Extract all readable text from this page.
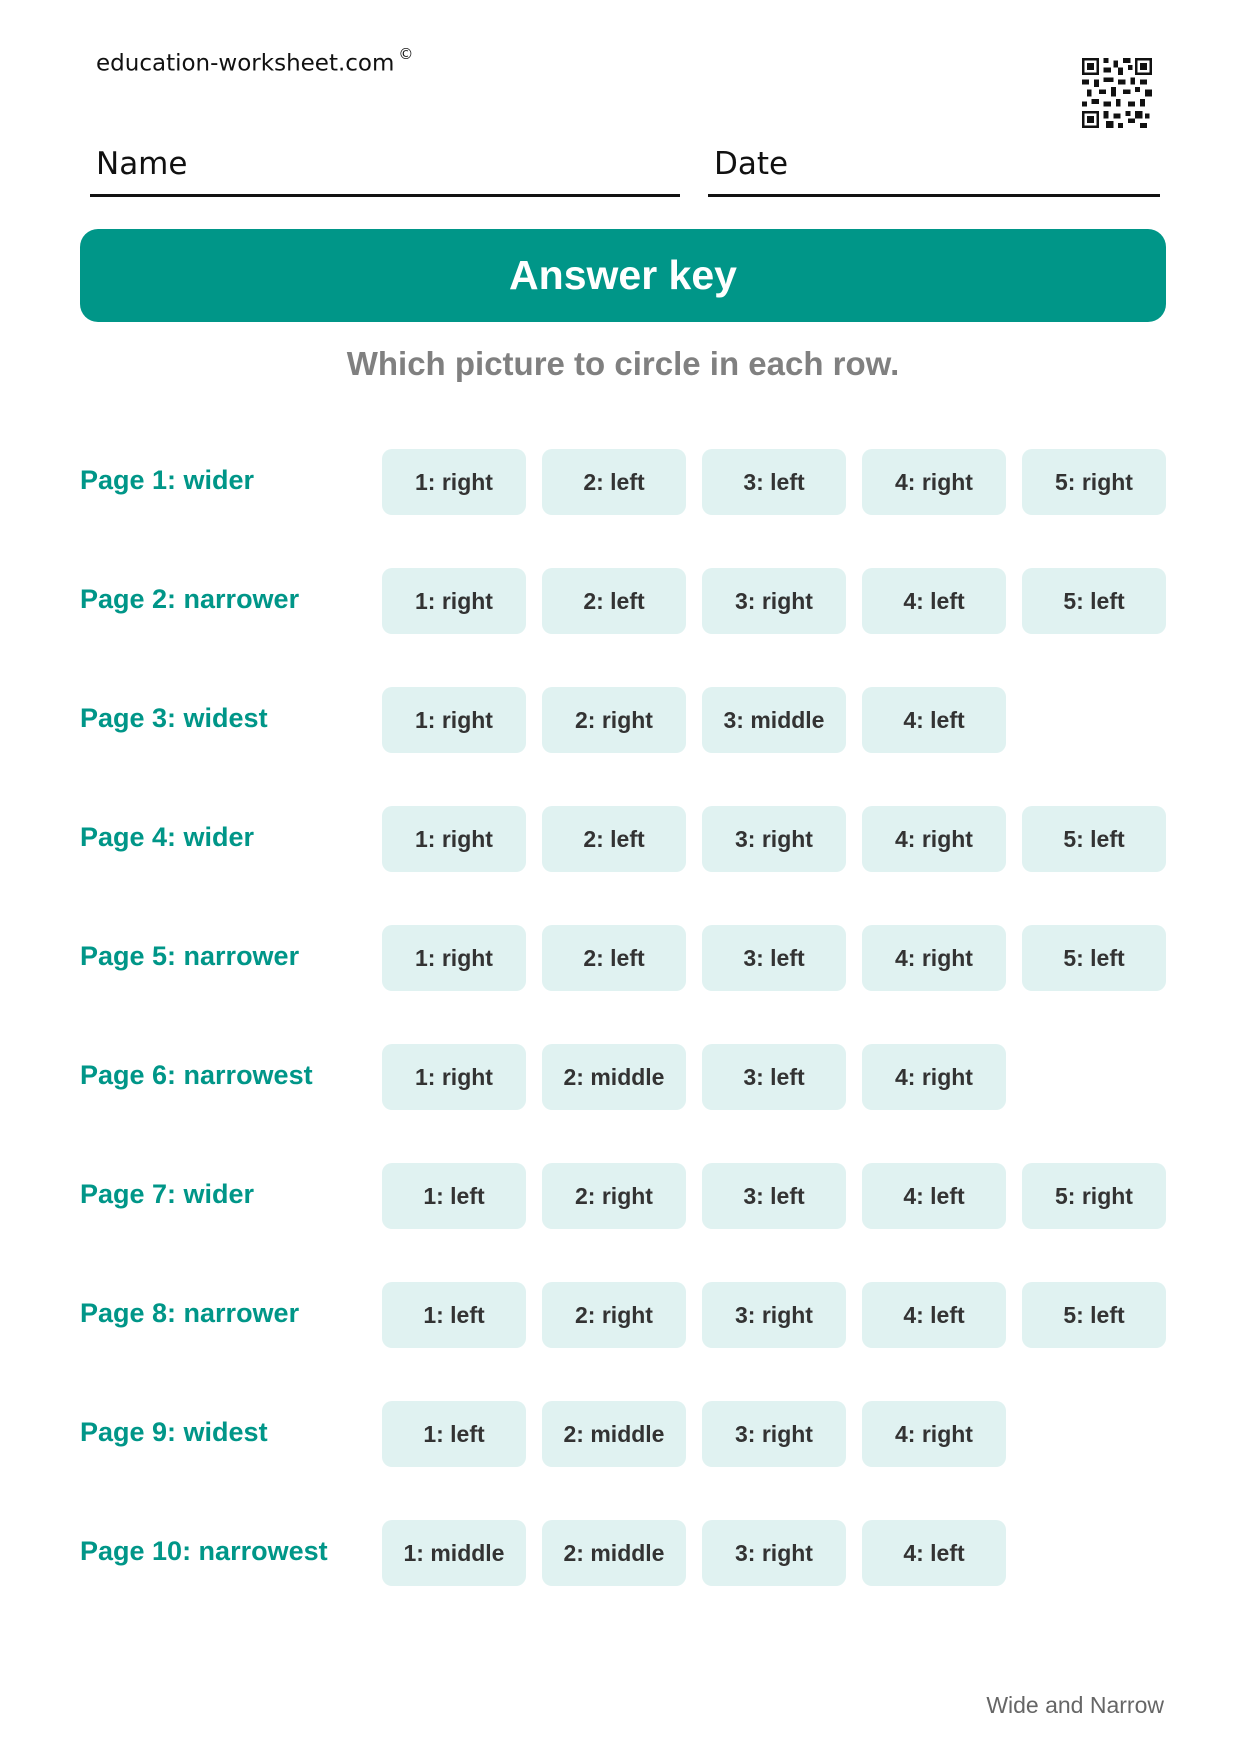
education-worksheet.com ©
Name	Date
Answer key
Which picture to circle in each row.
Page 1: wider	1: right	2: left	3: left	4: right	5: right
Page 2: narrower	1: right	2: left	3: right	4: left	5: left
Page 3: widest	1: right	2: right	3: middle	4: left
Page 4: wider	1: right	2: left	3: right	4: right	5: left
Page 5: narrower	1: right	2: left	3: left	4: right	5: left
Page 6: narrowest	1: right	2: middle	3: left	4: right
Page 7: wider	1: left	2: right	3: left	4: left	5: right
Page 8: narrower	1: left	2: right	3: right	4: left	5: left
Page 9: widest	1: left	2: middle	3: right	4: right
Page 10: narrowest	1: middle	2: middle	3: right	4: left
Wide and Narrow
